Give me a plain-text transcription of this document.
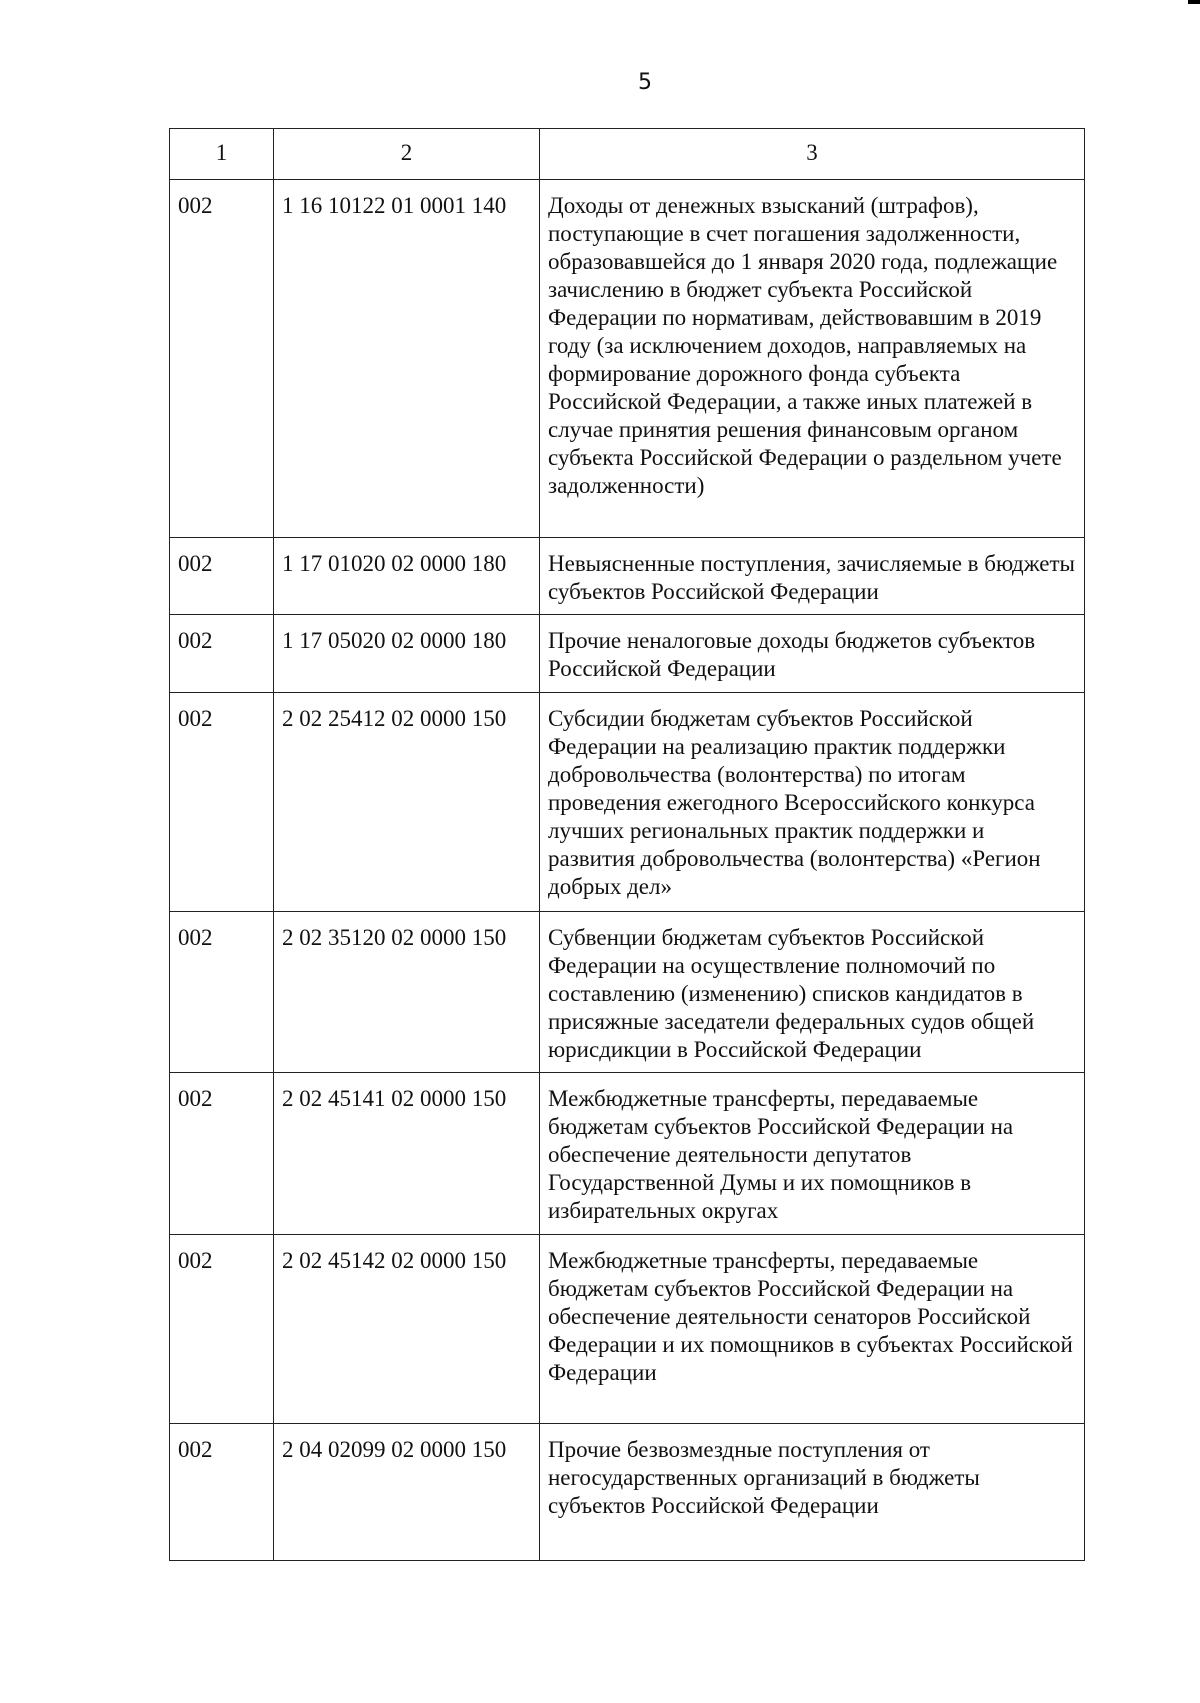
5
1	2	3
002	1 16 10122 01 0001 140	Доходы от денежных взысканий (штрафов), поступающие в счет погашения задолженности, образовавшейся до 1 января 2020 года, подлежащие зачислению в бюджет субъекта Российской Федерации по нормативам, действовавшим в 2019 году (за исключением доходов, направляемых на формирование дорожного фонда субъекта Российской Федерации, а также иных платежей в случае принятия решения финансовым органом субъекта Российской Федерации о раздельном учете задолженности)
002	1 17 01020 02 0000 180	Невыясненные поступления, зачисляемые в бюджеты субъектов Российской Федерации
002	1 17 05020 02 0000 180	Прочие неналоговые доходы бюджетов субъектов Российской Федерации
002	2 02 25412 02 0000 150	Субсидии бюджетам субъектов Российской Федерации на реализацию практик поддержки добровольчества (волонтерства) по итогам проведения ежегодного Всероссийского конкурса лучших региональных практик поддержки и развития добровольчества (волонтерства) «Регион добрых дел»
002	2 02 35120 02 0000 150	Субвенции бюджетам субъектов Российской Федерации на осуществление полномочий по составлению (изменению) списков кандидатов в присяжные заседатели федеральных судов общей юрисдикции в Российской Федерации
002	2 02 45141 02 0000 150	Межбюджетные трансферты, передаваемые бюджетам субъектов Российской Федерации на обеспечение деятельности депутатов Государственной Думы и их помощников в избирательных округах
002	2 02 45142 02 0000 150	Межбюджетные трансферты, передаваемые бюджетам субъектов Российской Федерации на обеспечение деятельности сенаторов Российской Федерации и их помощников в субъектах Российской Федерации
002	2 04 02099 02 0000 150	Прочие безвозмездные поступления от негосударственных организаций в бюджеты субъектов Российской Федерации
